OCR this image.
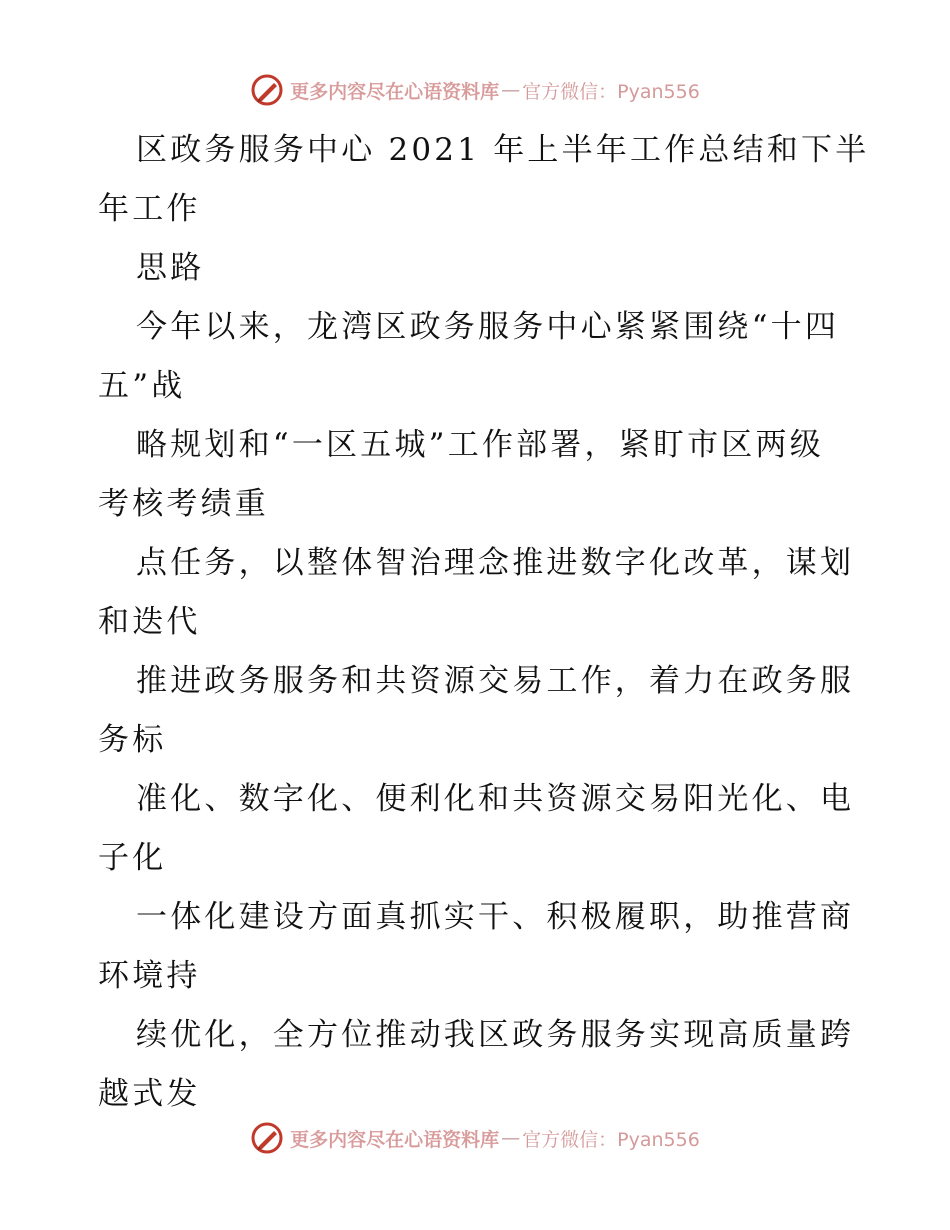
更多内容尽在心语资料库 — 官方微信：Pyan556
区政务服务中心 2021 年上半年工作总结和下半
年工作
思路
今年以来，龙湾区政务服务中心紧紧围绕“十四
五”战
略规划和“一区五城”工作部署，紧盯市区两级
考核考绩重
点任务，以整体智治理念推进数字化改革，谋划
和迭代
推进政务服务和共资源交易工作，着力在政务服
务标
准化、数字化、便利化和共资源交易阳光化、电
子化
一体化建设方面真抓实干、积极履职，助推营商
环境持
续优化，全方位推动我区政务服务实现高质量跨
越式发
更多内容尽在心语资料库 — 官方微信：Pyan556
